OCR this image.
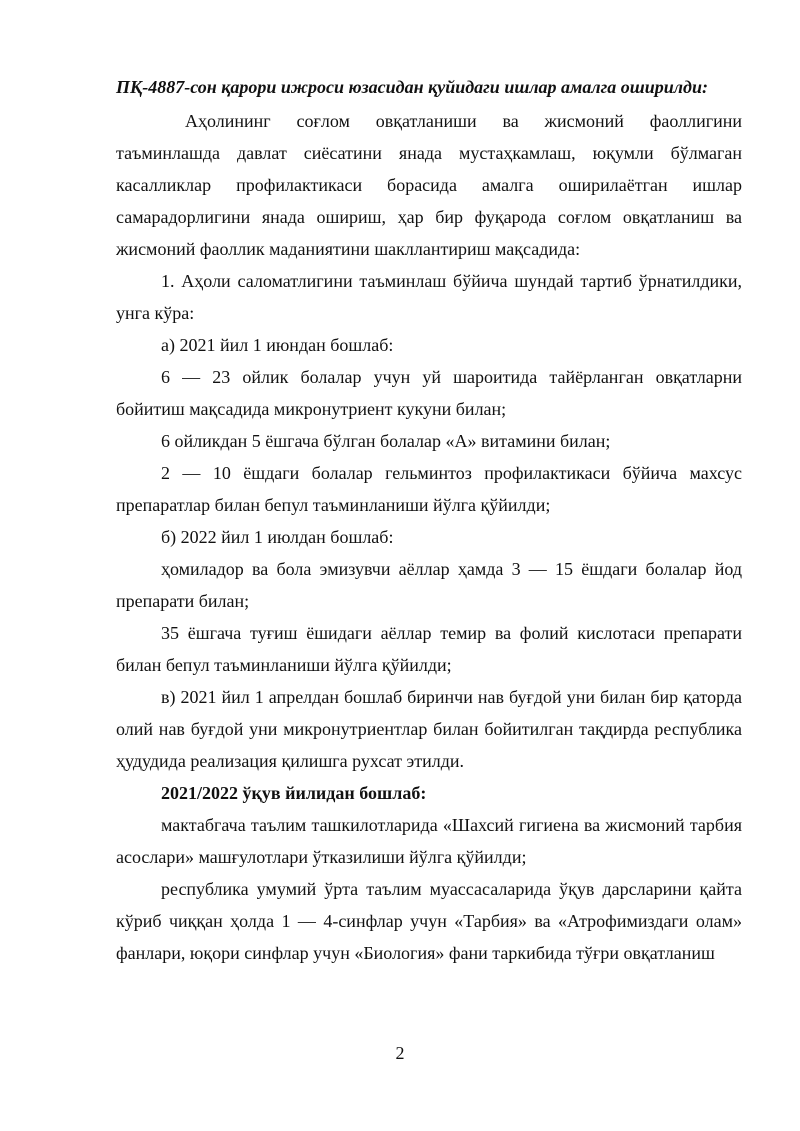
ПҚ-4887-сон қарори ижроси юзасидан қуйидаги ишлар амалга оширилди:

Аҳолининг соғлом овқатланиши ва жисмоний фаоллигини таъминлашда давлат сиёсатини янада мустаҳкамлаш, юқумли бўлмаган касалликлар профилактикаси борасида амалга оширилаётган ишлар самарадорлигини янада ошириш, ҳар бир фуқарода соғлом овқатланиш ва жисмоний фаоллик маданиятини шакллантириш мақсадида:

1. Аҳоли саломатлигини таъминлаш бўйича шундай тартиб ўрнатилдики, унга кўра:

а) 2021 йил 1 июндан бошлаб:

6 — 23 ойлик болалар учун уй шароитида тайёрланган овқатларни бойитиш мақсадида микронутриент кукуни билан;

6 ойликдан 5 ёшгача бўлган болалар «А» витамини билан;

2 — 10 ёшдаги болалар гельминтоз профилактикаси бўйича махсус препаратлар билан бепул таъминланиши йўлга қўйилди;

б) 2022 йил 1 июлдан бошлаб:

ҳомиладор ва бола эмизувчи аёллар ҳамда 3 — 15 ёшдаги болалар йод препарати билан;

35 ёшгача туғиш ёшидаги аёллар темир ва фолий кислотаси препарати билан бепул таъминланиши йўлга қўйилди;

в) 2021 йил 1 апрелдан бошлаб биринчи нав буғдой уни билан бир қаторда олий нав буғдой уни микронутриентлар билан бойитилган тақдирда республика ҳудудида реализация қилишга рухсат этилди.

2021/2022 ўқув йилидан бошлаб:

мактабгача таълим ташкилотларида «Шахсий гигиена ва жисмоний тарбия асослари» машғулотлари ўтказилиши йўлга қўйилди;

республика умумий ўрта таълим муассасаларида ўқув дарсларини қайта кўриб чиққан ҳолда 1 — 4-синфлар учун «Тарбия» ва «Атрофимиздаги олам» фанлари, юқори синфлар учун «Биология» фани таркибида тўғри овқатланиш

2
